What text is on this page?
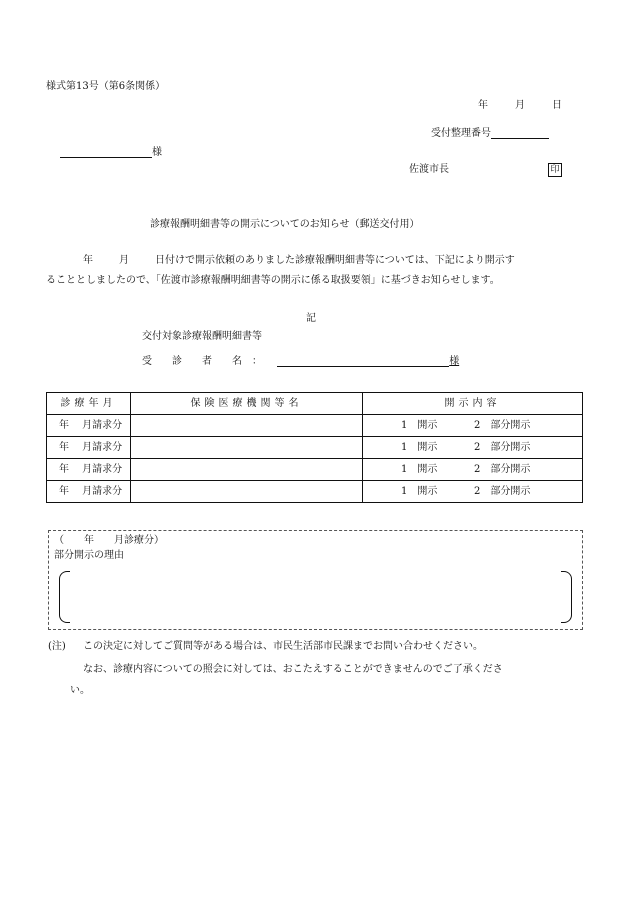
様式第13号（第6条関係）
年	月	日
受付整理番号
様
佐渡市長	印
診療報酬明細書等の開示についてのお知らせ（郵送交付用）
年	月	日付けで開示依頼のありました診療報酬明細書等については、下記により開示す
ることとしましたので、「佐渡市診療報酬明細書等の開示に係る取扱要領」に基づきお知らせします。
記
交付対象診療報酬明細書等
受　　診　　者　　名　：	様
診療年月	保険医療機関等名	開示内容
年　 月請求分		1　開示 2　部分開示
年　 月請求分		1　開示 2　部分開示
年　 月請求分		1　開示 2　部分開示
年　 月請求分		1　開示 2　部分開示
（　　年　　月診療分）
部分開示の理由
(注) この決定に対してご質問等がある場合は、市民生活部市民課までお問い合わせください。
なお、診療内容についての照会に対しては、おこたえすることができませんのでご了承くださ
い。
